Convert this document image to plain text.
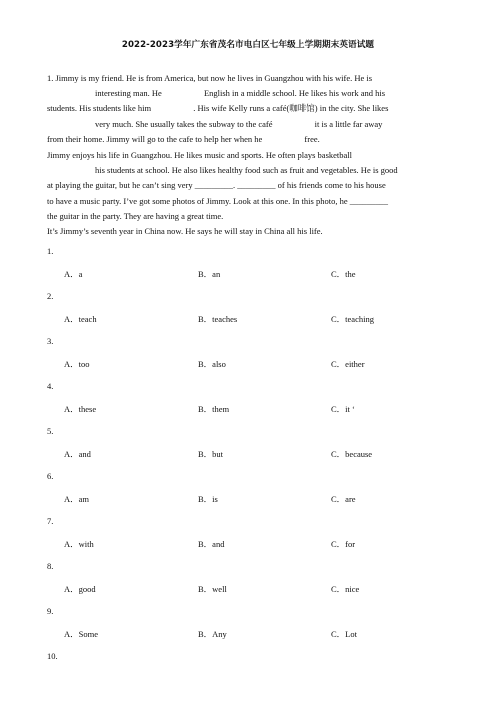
2022-2023学年广东省茂名市电白区七年级上学期期末英语试题
1. Jimmy is my friend. He is from America, but now he lives in Guangzhou with his wife. He is
interesting man. He	English in a middle school. He likes his work and his
students. His students like him	. His wife Kelly runs a café(咖啡馆) in the city. She likes
very much. She usually takes the subway to the café	it is a little far away
from their home. Jimmy will go to the cafe to help her when he	free.
Jimmy enjoys his life in Guangzhou. He likes music and sports. He often plays basketball
his students at school. He also likes healthy food such as fruit and vegetables. He is good
at playing the guitar, but he can’t sing very _________. _________ of his friends come to his house
to have a music party. I’ve got some photos of Jimmy. Look at this one. In this photo, he _________
the guitar in the party. They are having a great time.
It’s Jimmy’s seventh year in China now. He says he will stay in China all his life.
1.
A．a	B．an	C．the
2.
A．teach	B．teaches	C．teaching
3.
A．too	B．also	C．either
4.
A．these	B．them	C．it ‘
5.
A．and	B．but	C．because
6.
A．am	B．is	C．are
7.
A．with	B．and	C．for
8.
A．good	B．well	C．nice
9.
A．Some	B．Any	C．Lot
10.
